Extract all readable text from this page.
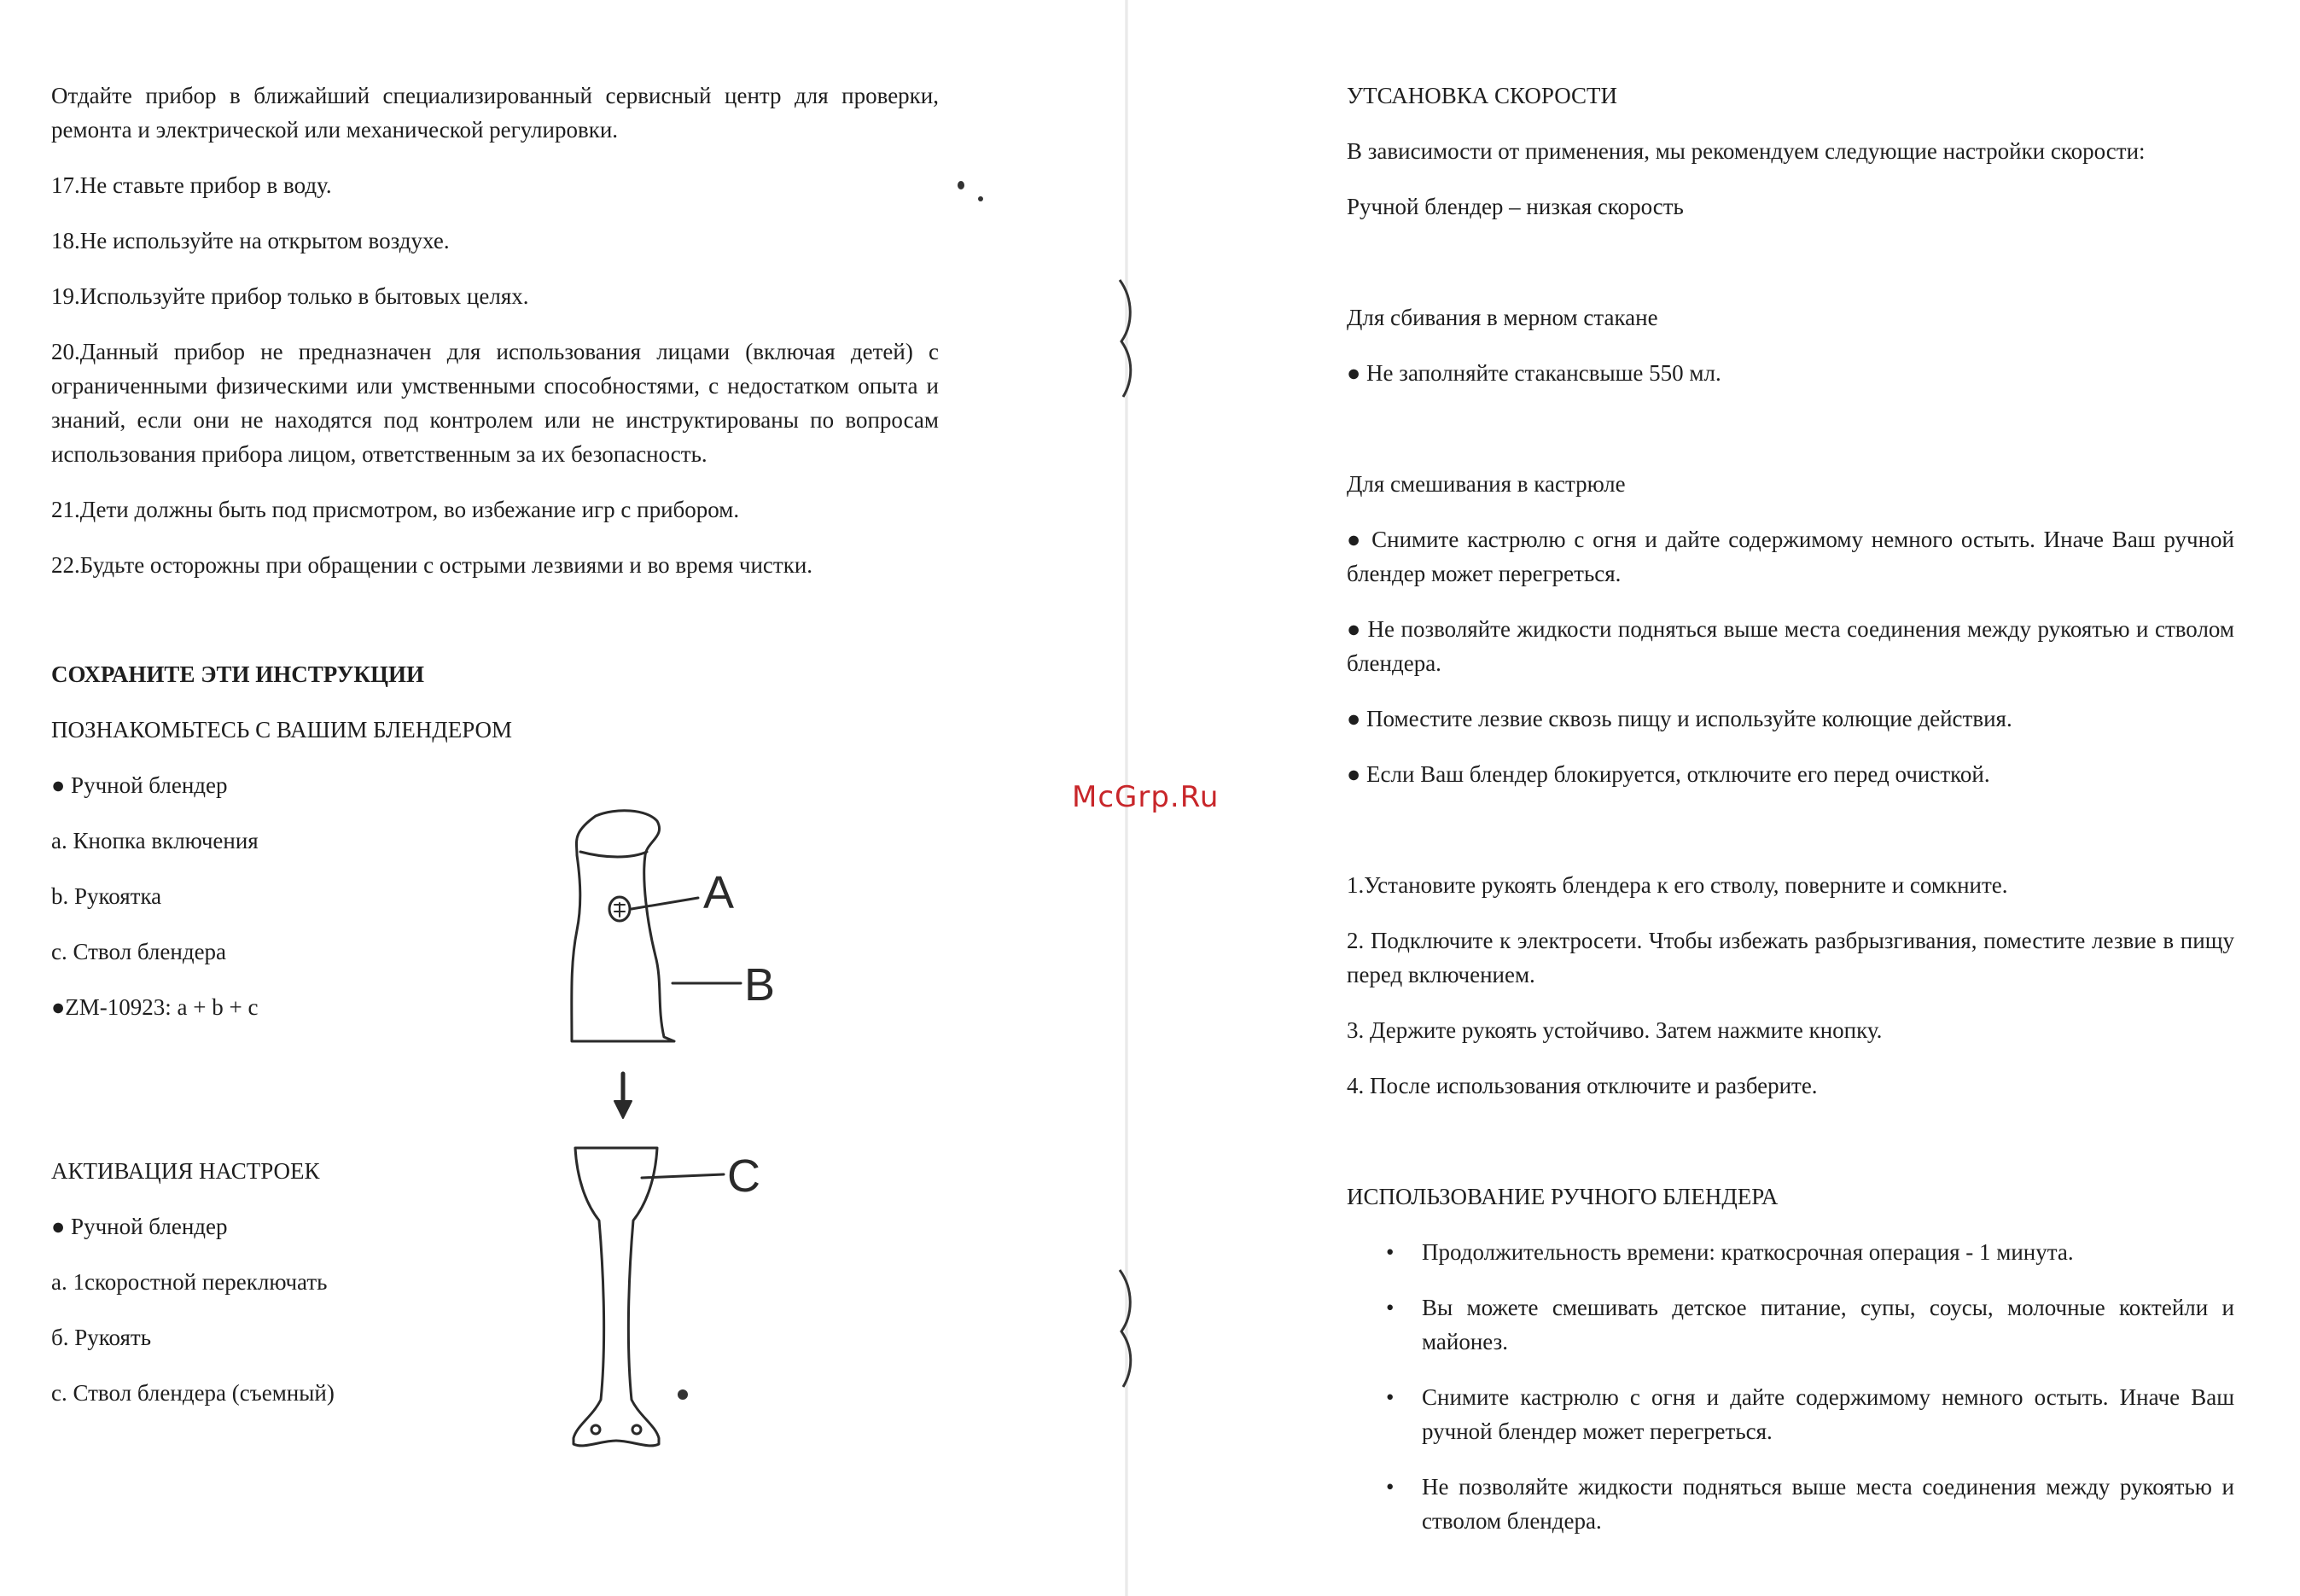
Отдайте прибор в ближайший специализированный сервисный центр для проверки, ремонта и электрической или механической регулировки.

17.Не ставьте прибор в воду.

18.Не используйте на открытом воздухе.

19.Используйте прибор только в бытовых целях.

20.Данный прибор не предназначен для использования лицами (включая детей) с ограниченными физическими или умственными способностями, с недостатком опыта и знаний, если они не находятся под контролем или не инструктированы по вопросам использования прибора лицом, ответственным за их безопасность.

21.Дети должны быть под присмотром, во избежание игр с прибором.

22.Будьте осторожны при обращении с острыми лезвиями и во время чистки.

СОХРАНИТЕ ЭТИ ИНСТРУКЦИИ

ПОЗНАКОМЬТЕСЬ С ВАШИМ БЛЕНДЕРОМ

● Ручной блендер

а. Кнопка включения

b. Рукоятка

с. Ствол блендера

●ZM-10923: a + b + c

АКТИВАЦИЯ НАСТРОЕК

● Ручной блендер

а. 1скоростной переключать

б. Рукоять

с. Ствол блендера (съемный)

A
B
C
McGrp.Ru

УТСАНОВКА СКОРОСТИ

В зависимости от применения, мы рекомендуем следующие настройки скорости:

Ручной блендер – низкая скорость

Для сбивания в мерном стакане

● Не заполняйте стакансвыше 550 мл.

Для смешивания в кастрюле

● Снимите кастрюлю с огня и дайте содержимому немного остыть. Иначе Ваш ручной блендер может перегреться.

● Не позволяйте жидкости подняться выше места соединения между рукоятью и стволом блендера.

● Поместите лезвие сквозь пищу и используйте колющие действия.

● Если Ваш блендер блокируется, отключите его перед очисткой.

1.Установите рукоять блендера к его стволу, поверните и сомкните.

2. Подключите к электросети. Чтобы избежать разбрызгивания, поместите лезвие в пищу перед включением.

3. Держите рукоять устойчиво. Затем нажмите кнопку.

4. После использования отключите и разберите.

ИСПОЛЬЗОВАНИЕ РУЧНОГО БЛЕНДЕРА

• Продолжительность времени: краткосрочная операция - 1 минута.
• Вы можете смешивать детское питание, супы, соусы, молочные коктейли и майонез.
• Снимите кастрюлю с огня и дайте содержимому немного остыть. Иначе Ваш ручной блендер может перегреться.
• Не позволяйте жидкости подняться выше места соединения между рукоятью и стволом блендера.
